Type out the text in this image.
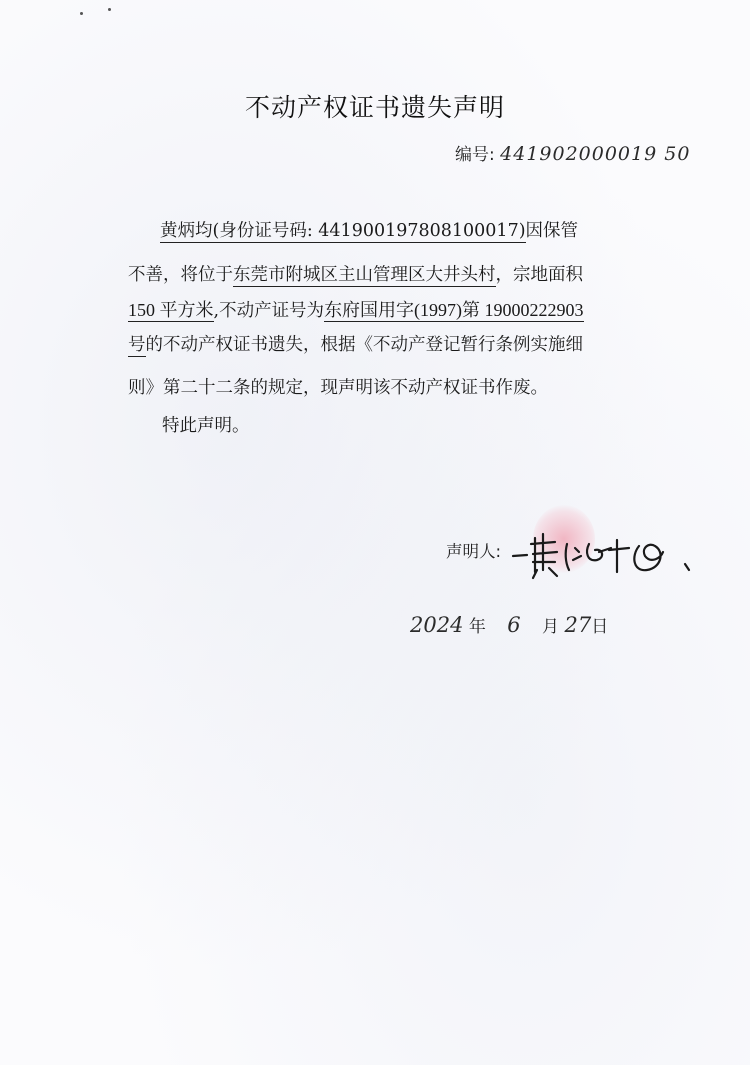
不动产权证书遗失声明
编号: 441902000019 50
黄炳均(身份证号码: 441900197808100017)因保管
不善，将位于东莞市附城区主山管理区大井头村，宗地面积
150 平方米,不动产证号为东府国用字(1997)第 19000222903
号的不动产权证书遗失，根据《不动产登记暂行条例实施细
则》第二十二条的规定，现声明该不动产权证书作废。
特此声明。
声明人:
2024 年 6 月 27日
